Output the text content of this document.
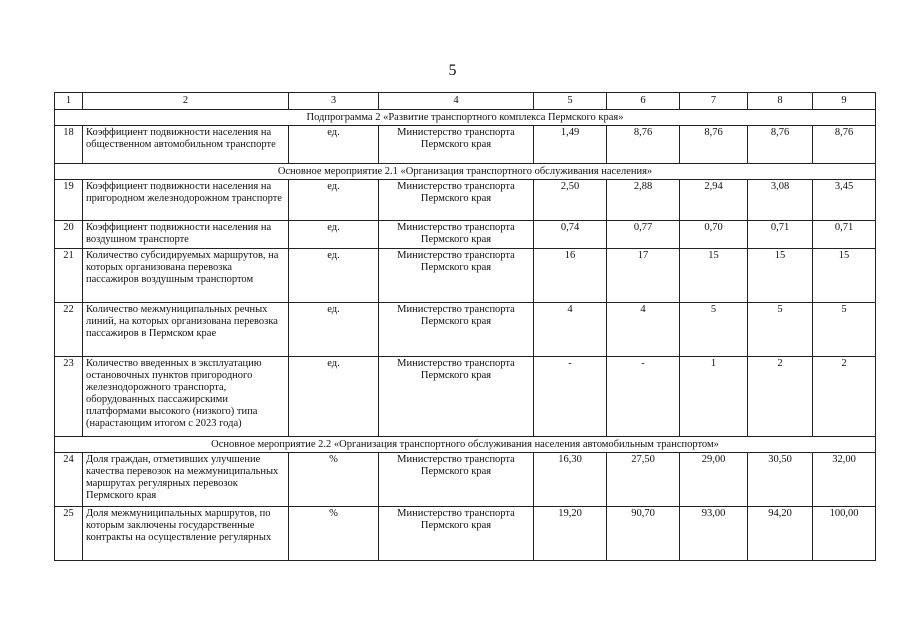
5
1	2	3	4	5	6	7	8	9
Подпрограмма 2 «Развитие транспортного комплекса Пермского края»								
18	Коэффициент подвижности населения на общественном автомобильном транспорте	ед.	Министерство транспорта Пермского края	1,49	8,76	8,76	8,76	8,76
Основное мероприятие 2.1 «Организация транспортного обслуживания населения»								
19	Коэффициент подвижности населения на пригородном железнодорожном транспорте	ед.	Министерство транспорта Пермского края	2,50	2,88	2,94	3,08	3,45
20	Коэффициент подвижности населения на воздушном транспорте	ед.	Министерство транспорта Пермского края	0,74	0,77	0,70	0,71	0,71
21	Количество субсидируемых маршрутов, на которых организована перевозка пассажиров воздушным транспортом	ед.	Министерство транспорта Пермского края	16	17	15	15	15
22	Количество межмуниципальных речных линий, на которых организована перевозка пассажиров в Пермском крае	ед.	Министерство транспорта Пермского края	4	4	5	5	5
23	Количество введенных в эксплуатацию остановочных пунктов пригородного железнодорожного транспорта, оборудованных пассажирскими платформами высокого (низкого) типа (нарастающим итогом с 2023 года)	ед.	Министерство транспорта Пермского края	-	-	1	2	2
Основное мероприятие 2.2 «Организация транспортного обслуживания населения автомобильным транспортом»								
24	Доля граждан, отметивших улучшение качества перевозок на межмуниципальных маршрутах регулярных перевозок Пермского края	%	Министерство транспорта Пермского края	16,30	27,50	29,00	30,50	32,00
25	Доля межмуниципальных маршрутов, по которым заключены государственные контракты на осуществление регулярных	%	Министерство транспорта Пермского края	19,20	90,70	93,00	94,20	100,00
